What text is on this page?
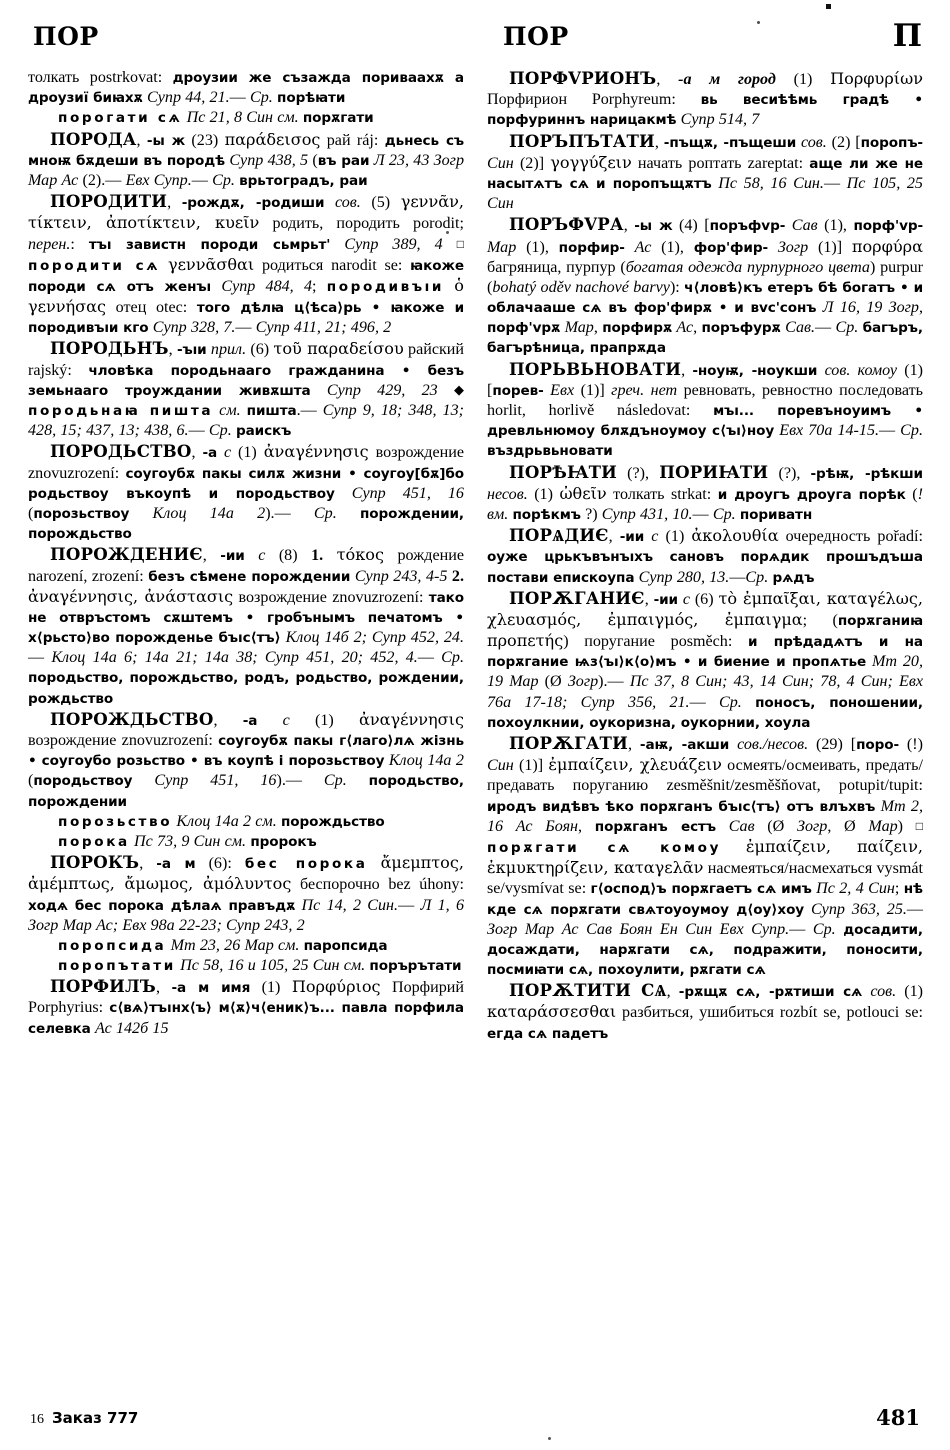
ПОР	ПОР	П

толкать postrkovat: дроузии же съзажда пориваахѫ а дроузиї биꙗхѫ Супр 44, 21.— Ср. порѣꙗти

порогати сѧ Пс 21, 8 Син см. порѫгати

ПОРОДА, -ы ж (23) παράδεισος рай ráj: дьнесь съ мноѭ бѫдеши въ породѣ Супр 438, 5 (въ раи Л 23, 43 Зогр Мар Ас (2).— Евх Супр.— Ср. врьтоградъ, раи

ПОРОДИТИ, -рождѫ, -родиши сов. (5) γεννᾶν, τίκτειν, ἀποτίκτειν, κυεῖν родить, породить porodit; перен.: тъı завистн породи сьмрьт' Супр 389, 4 □ породити сѧ γεννᾶσθαι родиться narodit se: ꙗкоже породи сѧ отъ женъı Супр 484, 4; породивъıи ὁ γεννήσας отец otec: того дѣлꙗ ц⟨ѣса⟩рь • ꙗкоже и породивъıи кго Супр 328, 7.— Супр 411, 21; 496, 2

ПОРОДЬНЪ, -ъıи прил. (6) τοῦ παραδείσου райский rajský: чловѣка породьнааго гражданина • безъ земьнааго троуждании живѫшта Супр 429, 23 ◆ породьнаꙗ пишта см. пишта.— Супр 9, 18; 348, 13; 428, 15; 437, 13; 438, 6.— Ср. раискъ

ПОРОДЬСТВО, -а с (1) ἀναγέννησις возрождение znovuzrození: соугоубѫ пакы силѫ жизни • соугоу[бѫ]бо родьствоу въкоупѣ и породьствоу Супр 451, 16 (порозьствоу Клоц 14а 2).— Ср. порождении, порождьство

ПОРОЖДЕНИЄ, -ии с (8) 1. τόκος рождение narození, zrození: безъ сѣмене порождении Супр 243, 4-5 2. ἀναγέννησις, ἀνάστασις возрождение znovuzrození: тако не отвръстомъ сѫштемъ • гробънымъ печатомъ • х⟨рьсто⟩во порожденье бъıс⟨тъ⟩ Клоц 14б 2; Супр 452, 24.— Клоц 14а 6; 14а 21; 14а 38; Супр 451, 20; 452, 4.— Ср. породьство, порождьство, родъ, родьство, рождении, рождьство

ПОРОЖДЬСТВО, -а с (1) ἀναγέννησις возрождение znovuzrození: соугоубѫ пакы г⟨лаго⟩лѧ жізнь • соугоубо розьство • въ коупѣ і порозьствоу Клоц 14а 2 (породьствоу Супр 451, 16).— Ср. породьство, порождении

порозьство Клоц 14а 2 см. порождьство

порока Пс 73, 9 Син см. пророкъ

ПОРОКЪ, -а м (6): бес порока ἄμεμπτος, ἀμέμπτως, ἄμωμος, ἀμόλυντος беспорочно bez úhony: ходѧ бес порока дѣлаѧ правъдѫ Пс 14, 2 Син.— Л 1, 6 Зогр Мар Ас; Евх 98а 22-23; Супр 243, 2

поропсида Мт 23, 26 Мар см. паропсида

поропътати Пс 58, 16 и 105, 25 Син см. порърътати

ПОРФИЛЪ, -а м имя (1) Πορφύριος Порфирий Porphyrius: с⟨вѧ⟩тъıнх⟨ъ⟩ м⟨ѫ⟩ч⟨еник⟩ъ... павла порфила селевка Ас 142б 15

ПОРФVРИОНЪ, -а м город (1) Πορφυρίων Порфирион Porphyreum: вь весиѣѣмь градѣ • порфуриннъ нарицакмѣ Супр 514, 7

ПОРЪПЪТАТИ, -пъщѫ, -пъщеши сов. (2) [поропъ- Син (2)] γογγύζειν начать роптать zareptat: аще ли же не насытѧтъ сѧ и поропъщѫтъ Пс 58, 16 Син.— Пс 105, 25 Син

ПОРЪФVРА, -ы ж (4) [поръфvр- Сав (1), порф'vр- Мар (1), порфир- Ас (1), фор'фир- Зогр (1)] πορφύρα багряница, пурпур (богатая одежда пурпурного цвета) purpur (bohatý oděv nachové barvy): ч⟨ловѣ⟩къ етеръ бѣ богатъ • и облачааше сѧ въ фор'фирѫ • и вvс'сонъ Л 16, 19 Зогр, порф'vрѫ Мар, порфирѫ Ас, поръфурѫ Сав.— Ср. багъръ, багърѣница, прапрѫда

ПОРЬВЬНОВАТИ, -ноуѭ, -ноукши сов. комоу (1) [порев- Евх (1)] греч. нет ревновать, ревностно последовать horlit, horlivě následovat: мъı... поревъноуимъ • древльнюмоу блѫдъноумоу с⟨ъı⟩ноу Евх 70а 14-15.— Ср. въздрьвьновати

ПОРѢꙖТИ (?), ПОРИꙖТИ (?), -рѣѭ, -рѣкши несов. (1) ὠθεῖν толкать strkat: и дроугъ дроуга порѣк (! вм. порѣкмъ ?) Супр 431, 10.— Ср. пориватн

ПОРѦДИЄ, -ии с (1) ἀκολουθία очередность pořadí: оуже црькъвънъıхъ сановъ порѧдик прошъдъша постави епискоупа Супр 280, 13.—Ср. рѧдъ

ПОРѪГАНИЄ, -ии с (6) τὸ ἐμπαῖξαι, καταγέλως, χλευασμός, ἐμπαιγμός, ἐμπαιγμα; (порѫганиꙗ προπετής) поругание posměch: и прѣдадѧтъ и на порѫгание ѩз⟨ъı⟩к⟨о⟩мъ • и биение и пропѧтье Мт 20, 19 Мар (Ø Зогр).— Пс 37, 8 Син; 43, 14 Син; 78, 4 Син; Евх 76а 17-18; Супр 356, 21.— Ср. поносъ, поношении, похоулкнии, оукоризна, оукорнии, хоула

ПОРѪГАТИ, -аѭ, -акши сов./несов. (29) [поро- (!) Син (1)] ἐμπαίζειν, χλευάζειν осмеять/осмеивать, предать/предавать поруганию zesměšnit/zesměšňovat, potupit/tupit: иродъ видѣвъ ѣко порѫганъ бъıс⟨тъ⟩ отъ влъхвъ Мт 2, 16 Ас Боян, порѫганъ естъ Сав (Ø Зогр, Ø Мар) □ порѫгати сѧ комоу ἐμπαίζειν, παίζειν, ἐκμυκτηρίζειν, καταγελᾶν насмеяться/насмехаться vysmát se/vysmívat se: г⟨оспод⟩ъ порѫгаетъ сѧ имъ Пс 2, 4 Син; нѣ кде сѧ порѫгати свѧтоуоумоу д⟨оу⟩хоу Супр 363, 25.— Зогр Мар Ас Сав Боян Ен Син Евх Супр.— Ср. досадити, досаждати, нарѫгати сѧ, подражити, поносити, посмиꙗти сѧ, похоулити, рѫгати сѧ

ПОРѪТИТИ СѦ, -рѫщѫ сѧ, -рѫтиши сѧ сов. (1) καταράσσεσθαι разбиться, ушибиться rozbít se, potlouci se: егда сѧ падетъ

16 Заказ 777	481
